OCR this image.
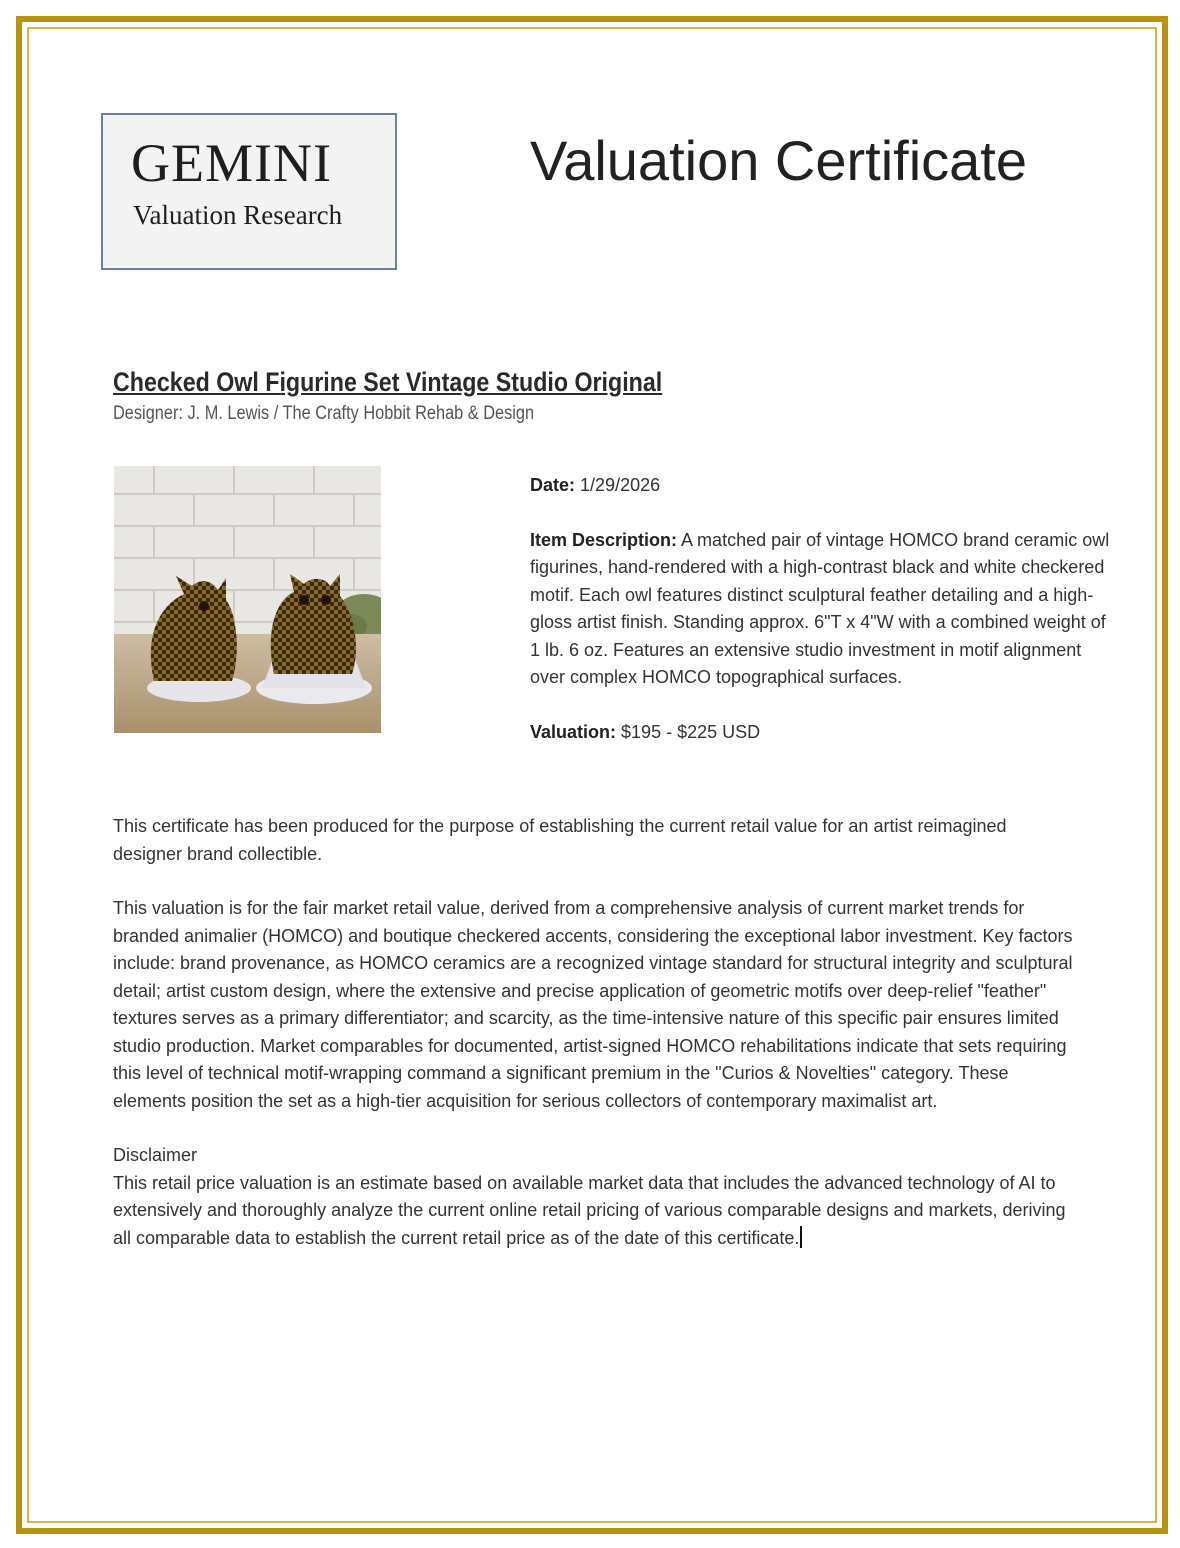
GEMINI
Valuation Research
Valuation Certificate
Checked Owl Figurine Set Vintage Studio Original
Designer: J. M. Lewis / The Crafty Hobbit Rehab & Design

Date: 1/29/2026

Item Description: A matched pair of vintage HOMCO brand ceramic owl figurines, hand-rendered with a high-contrast black and white checkered motif. Each owl features distinct sculptural feather detailing and a high-gloss artist finish. Standing approx. 6"T x 4"W with a combined weight of 1 lb. 6 oz. Features an extensive studio investment in motif alignment over complex HOMCO topographical surfaces.

Valuation: $195 - $225 USD

This certificate has been produced for the purpose of establishing the current retail value for an artist reimagined designer brand collectible.

This valuation is for the fair market retail value, derived from a comprehensive analysis of current market trends for branded animalier (HOMCO) and boutique checkered accents, considering the exceptional labor investment. Key factors include: brand provenance, as HOMCO ceramics are a recognized vintage standard for structural integrity and sculptural detail; artist custom design, where the extensive and precise application of geometric motifs over deep-relief "feather" textures serves as a primary differentiator; and scarcity, as the time-intensive nature of this specific pair ensures limited studio production. Market comparables for documented, artist-signed HOMCO rehabilitations indicate that sets requiring this level of technical motif-wrapping command a significant premium in the "Curios & Novelties" category. These elements position the set as a high-tier acquisition for serious collectors of contemporary maximalist art.

Disclaimer

This retail price valuation is an estimate based on available market data that includes the advanced technology of AI to extensively and thoroughly analyze the current online retail pricing of various comparable designs and markets, deriving all comparable data to establish the current retail price as of the date of this certificate.
